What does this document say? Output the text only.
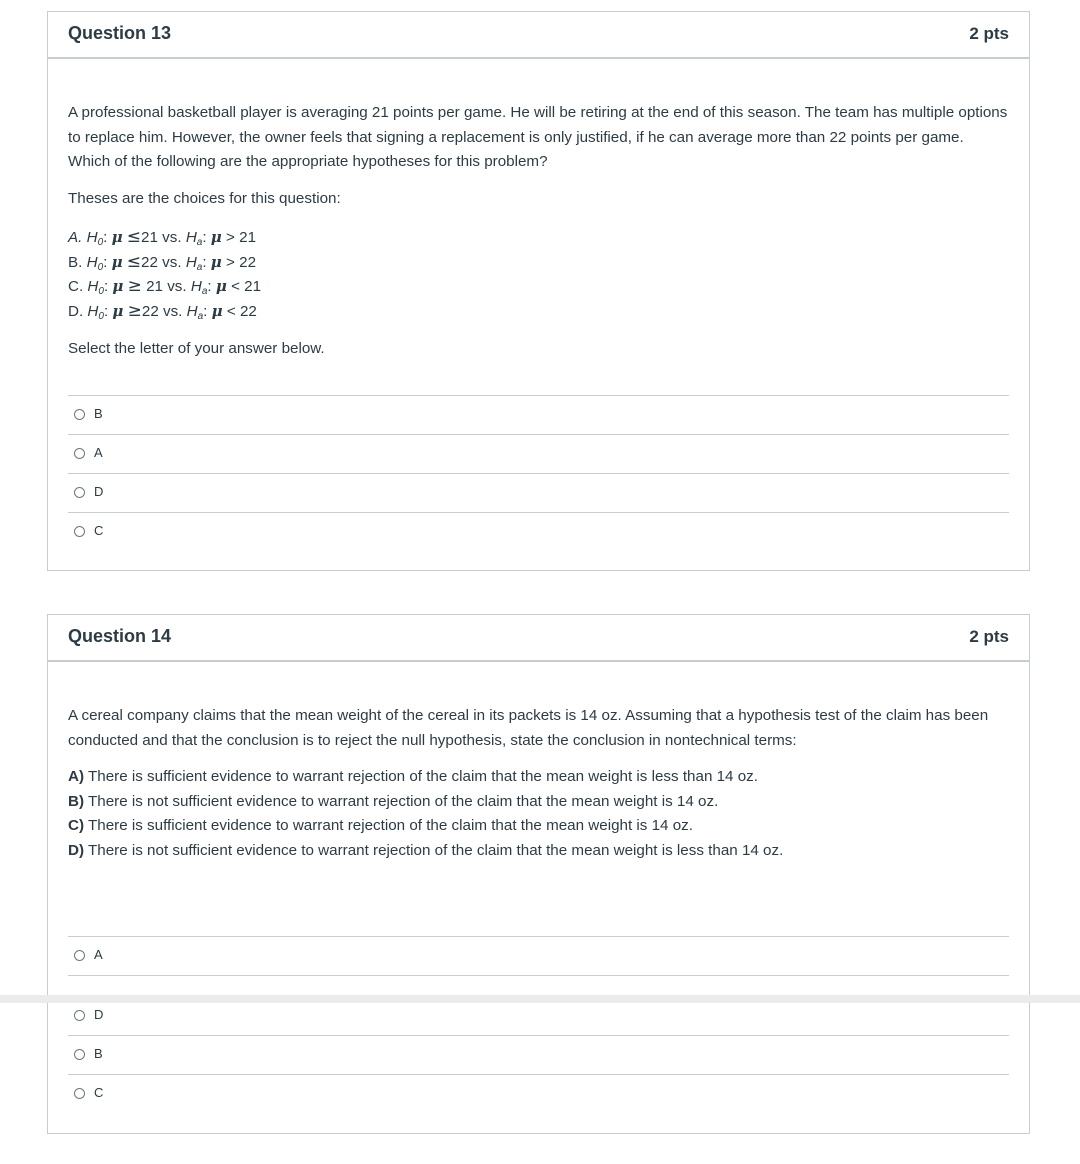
Question 13	2 pts

A professional basketball player is averaging 21 points per game. He will be retiring at the end of this season. The team has multiple options to replace him. However, the owner feels that signing a replacement is only justified, if he can average more than 22 points per game. Which of the following are the appropriate hypotheses for this problem?

Theses are the choices for this question:

A. $H_0$: μ ≤21 vs. $H_a$: μ > 21
B. $H_0$: μ ≤22 vs. $H_a$: μ > 22
C. $H_0$: μ ≥ 21 vs. $H_a$: μ < 21
D. $H_0$: μ ≥22 vs. $H_a$: μ < 22

Select the letter of your answer below.

B
A
D
C
Question 14	2 pts

A cereal company claims that the mean weight of the cereal in its packets is 14 oz. Assuming that a hypothesis test of the claim has been conducted and that the conclusion is to reject the null hypothesis, state the conclusion in nontechnical terms:

A) There is sufficient evidence to warrant rejection of the claim that the mean weight is less than 14 oz.

B) There is not sufficient evidence to warrant rejection of the claim that the mean weight is 14 oz.

C) There is sufficient evidence to warrant rejection of the claim that the mean weight is 14 oz.

D) There is not sufficient evidence to warrant rejection of the claim that the mean weight is less than 14 oz.

A
D
B
C
